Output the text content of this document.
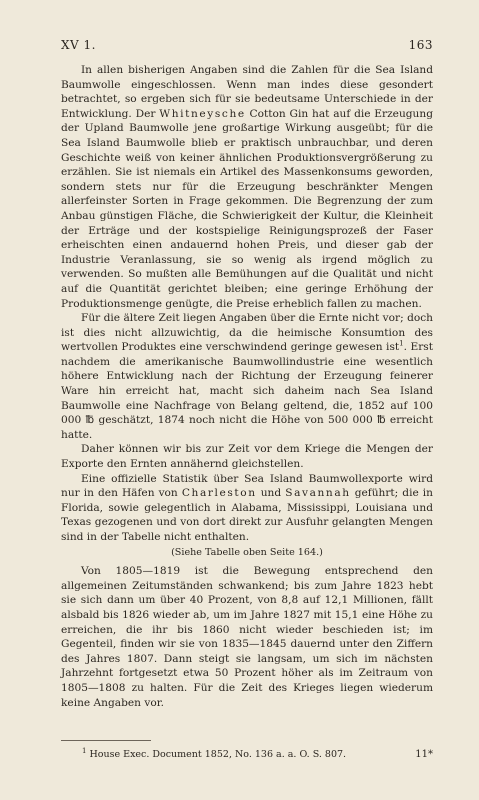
XV 1.	163

In allen bisherigen Angaben sind die Zahlen für die Sea Island Baumwolle eingeschlossen. Wenn man indes diese gesondert betrachtet, so ergeben sich für sie bedeutsame Unterschiede in der Entwicklung. Der Whitneysche Cotton Gin hat auf die Erzeugung der Upland Baumwolle jene großartige Wirkung ausgeübt; für die Sea Island Baumwolle blieb er praktisch unbrauchbar, und deren Geschichte weiß von keiner ähnlichen Produktionsvergrößerung zu erzählen. Sie ist niemals ein Artikel des Massenkonsums geworden, sondern stets nur für die Erzeugung beschränkter Mengen allerfeinster Sorten in Frage gekommen. Die Begrenzung der zum Anbau günstigen Fläche, die Schwierigkeit der Kultur, die Kleinheit der Erträge und der kostspielige Reinigungsprozeß der Faser erheischten einen andauernd hohen Preis, und dieser gab der Industrie Veranlassung, sie so wenig als irgend möglich zu verwenden. So mußten alle Bemühungen auf die Qualität und nicht auf die Quantität gerichtet bleiben; eine geringe Erhöhung der Produktionsmenge genügte, die Preise erheblich fallen zu machen.

Für die ältere Zeit liegen Angaben über die Ernte nicht vor; doch ist dies nicht allzuwichtig, da die heimische Konsumtion des wertvollen Produktes eine verschwindend geringe gewesen ist$^1$. Erst nachdem die amerikanische Baumwollindustrie eine wesentlich höhere Entwicklung nach der Richtung der Erzeugung feinerer Ware hin erreicht hat, macht sich daheim nach Sea Island Baumwolle eine Nachfrage von Belang geltend, die, 1852 auf 100 000 ℔ geschätzt, 1874 noch nicht die Höhe von 500 000 ℔ erreicht hatte.

Daher können wir bis zur Zeit vor dem Kriege die Mengen der Exporte den Ernten annähernd gleichstellen.

Eine offizielle Statistik über Sea Island Baumwollexporte wird nur in den Häfen von Charleston und Savannah geführt; die in Florida, sowie gelegentlich in Alabama, Mississippi, Louisiana und Texas gezogenen und von dort direkt zur Ausfuhr gelangten Mengen sind in der Tabelle nicht enthalten.

(Siehe Tabelle oben Seite 164.)

Von 1805—1819 ist die Bewegung entsprechend den allgemeinen Zeitumständen schwankend; bis zum Jahre 1823 hebt sie sich dann um über 40 Prozent, von 8,8 auf 12,1 Millionen, fällt alsbald bis 1826 wieder ab, um im Jahre 1827 mit 15,1 eine Höhe zu erreichen, die ihr bis 1860 nicht wieder beschieden ist; im Gegenteil, finden wir sie von 1835—1845 dauernd unter den Ziffern des Jahres 1807. Dann steigt sie langsam, um sich im nächsten Jahrzehnt fortgesetzt etwa 50 Prozent höher als im Zeitraum von 1805—1808 zu halten. Für die Zeit des Krieges liegen wiederum keine Angaben vor.

$^1$ House Exec. Document 1852, No. 136 a. a. O. S. 807.	11*
